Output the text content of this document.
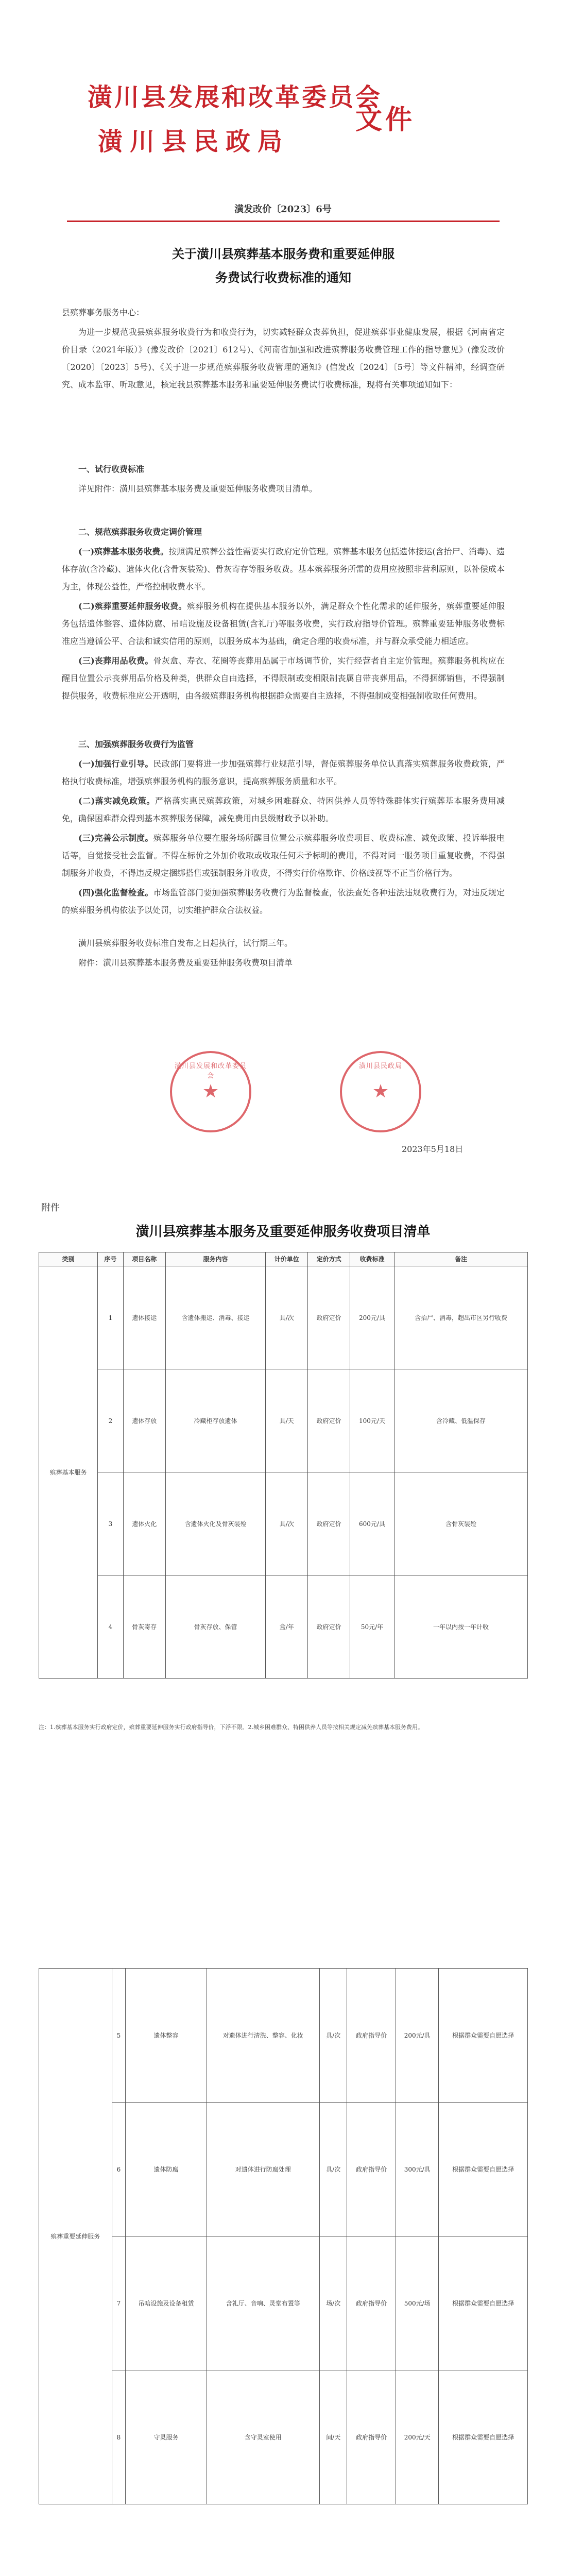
潢川县发展和改革委员会
潢川县民政局
文件
潢发改价〔2023〕6号
关于潢川县殡葬基本服务费和重要延伸服
务费试行收费标准的通知

县殡葬事务服务中心：

为进一步规范我县殡葬服务收费行为和收费行为，切实减轻群众丧葬负担，促进殡葬事业健康发展，根据《河南省定价目录（2021年版）》(豫发改价〔2021〕612号)、《河南省加强和改进殡葬服务收费管理工作的指导意见》(豫发改价〔2020〕〔2023〕5号)、《关于进一步规范殡葬服务收费管理的通知》(信发改〔2024〕〔5号〕等文件精神，经调查研究、成本监审、听取意见，核定我县殡葬基本服务和重要延伸服务费试行收费标准，现将有关事项通知如下：

一、试行收费标准

详见附件：潢川县殡葬基本服务费及重要延伸服务收费项目清单。

二、规范殡葬服务收费定调价管理

(一)殡葬基本服务收费。按照满足殡葬公益性需要实行政府定价管理。殡葬基本服务包括遗体接运(含抬尸、消毒)、遗体存放(含冷藏)、遗体火化(含骨灰装殓)、骨灰寄存等服务收费。基本殡葬服务所需的费用应按照非营利原则，以补偿成本为主，体现公益性，严格控制收费水平。

(二)殡葬重要延伸服务收费。殡葬服务机构在提供基本服务以外，满足群众个性化需求的延伸服务，殡葬重要延伸服务包括遗体整容、遗体防腐、吊唁设施及设备租赁(含礼厅)等服务收费，实行政府指导价管理。殡葬重要延伸服务收费标准应当遵循公平、合法和诚实信用的原则，以服务成本为基础，确定合理的收费标准，并与群众承受能力相适应。

(三)丧葬用品收费。骨灰盒、寿衣、花圈等丧葬用品属于市场调节价，实行经营者自主定价管理。殡葬服务机构应在醒目位置公示丧葬用品价格及种类，供群众自由选择，不得限制或变相限制丧属自带丧葬用品，不得捆绑销售，不得强制提供服务，收费标准应公开透明，由各级殡葬服务机构根据群众需要自主选择，不得强制或变相强制收取任何费用。

三、加强殡葬服务收费行为监管

(一)加强行业引导。民政部门要将进一步加强殡葬行业规范引导，督促殡葬服务单位认真落实殡葬服务收费政策，严格执行收费标准，增强殡葬服务机构的服务意识，提高殡葬服务质量和水平。

(二)落实减免政策。严格落实惠民殡葬政策，对城乡困难群众、特困供养人员等特殊群体实行殡葬基本服务费用减免，确保困难群众得到基本殡葬服务保障，减免费用由县级财政予以补助。

(三)完善公示制度。殡葬服务单位要在服务场所醒目位置公示殡葬服务收费项目、收费标准、减免政策、投诉举报电话等，自觉接受社会监督。不得在标价之外加价收取或收取任何未予标明的费用，不得对同一服务项目重复收费，不得强制服务并收费，不得违反规定捆绑搭售或强制服务并收费，不得实行价格欺诈、价格歧视等不正当价格行为。

(四)强化监督检查。市场监管部门要加强殡葬服务收费行为监督检查，依法查处各种违法违规收费行为，对违反规定的殡葬服务机构依法予以处罚，切实维护群众合法权益。

潢川县殡葬服务收费标准自发布之日起执行，试行期三年。

附件：潢川县殡葬基本服务费及重要延伸服务收费项目清单

潢川县发展和改革委员会
★
潢川县民政局
★
2023年5月18日
附件
潢川县殡葬基本服务及重要延伸服务收费项目清单
类别	序号	项目名称	服务内容	计价单位	定价方式	收费标准	备注
殡葬基本服务	1	遗体接运	含遗体搬运、消毒、接运	具/次	政府定价	200元/具	含抬尸、消毒，超出市区另行收费
	2	遗体存放	冷藏柜存放遗体	具/天	政府定价	100元/天	含冷藏、低温保存
	3	遗体火化	含遗体火化及骨灰装殓	具/次	政府定价	600元/具	含骨灰装殓
	4	骨灰寄存	骨灰存放、保管	盒/年	政府定价	50元/年	一年以内按一年计收
注：1.殡葬基本服务实行政府定价，殡葬重要延伸服务实行政府指导价，下浮不限。2.城乡困难群众、特困供养人员等按相关规定减免殡葬基本服务费用。
殡葬重要延伸服务	5	遗体整容	对遗体进行清洗、整容、化妆	具/次	政府指导价	200元/具	根据群众需要自愿选择
	6	遗体防腐	对遗体进行防腐处理	具/次	政府指导价	300元/具	根据群众需要自愿选择
	7	吊唁设施及设备租赁	含礼厅、音响、灵堂布置等	场/次	政府指导价	500元/场	根据群众需要自愿选择
	8	守灵服务	含守灵室使用	间/天	政府指导价	200元/天	根据群众需要自愿选择
